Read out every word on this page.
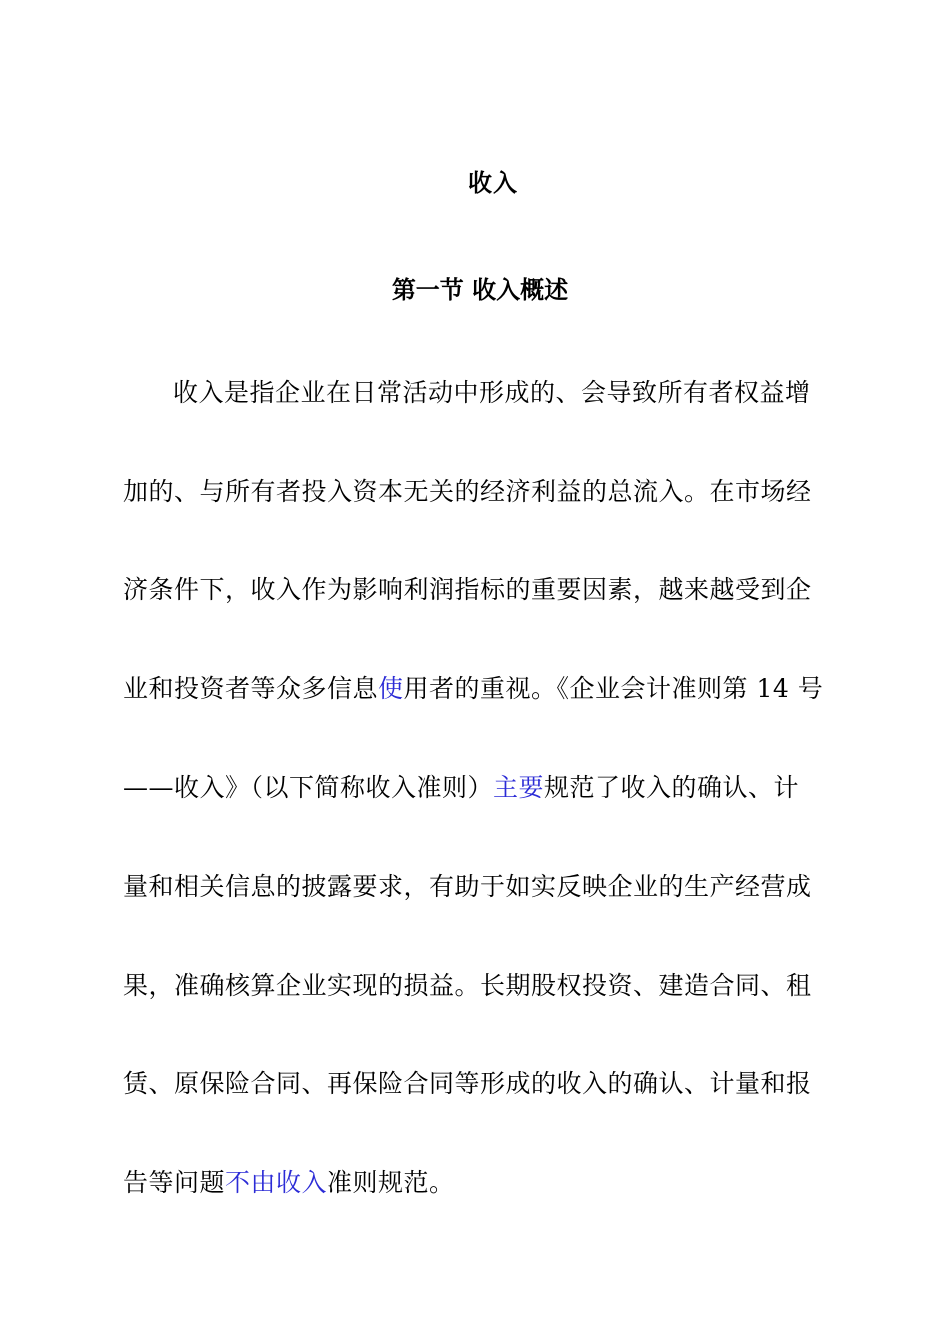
收入
第一节 收入概述
收入是指企业在日常活动中形成的、会导致所有者权益增
加的、与所有者投入资本无关的经济利益的总流入。在市场经
济条件下，收入作为影响利润指标的重要因素，越来越受到企
业和投资者等众多信息使用者的重视。《企业会计准则第 14 号
——收入》（以下简称收入准则）主要规范了收入的确认、计
量和相关信息的披露要求，有助于如实反映企业的生产经营成
果，准确核算企业实现的损益。长期股权投资、建造合同、租
赁、原保险合同、再保险合同等形成的收入的确认、计量和报
告等问题不由收入准则规范。
